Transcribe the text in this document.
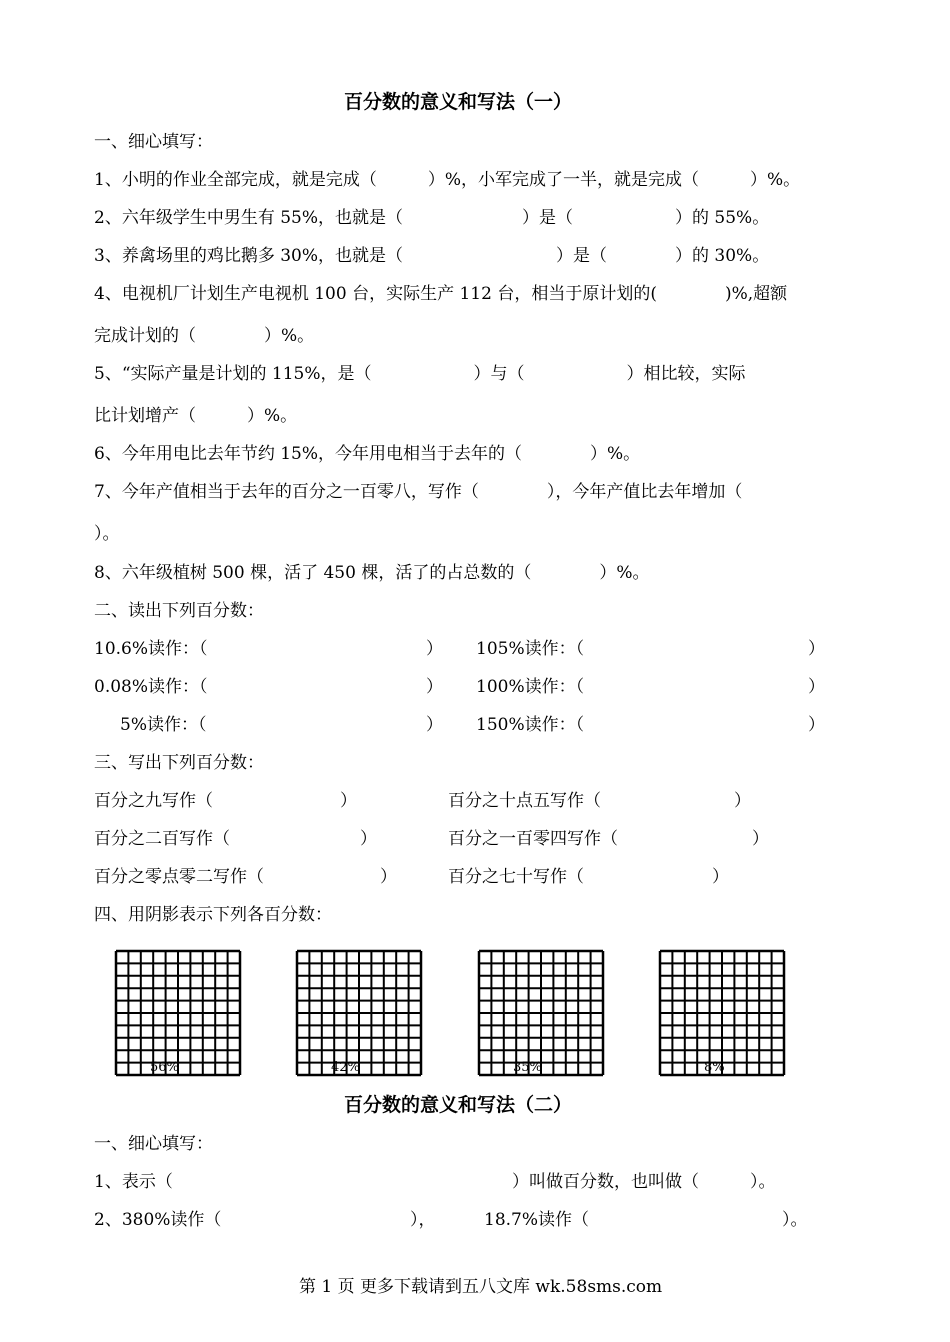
百分数的意义和写法（一）
一、细心填写：
1、小明的作业全部完成，就是完成（　　　）%，小军完成了一半，就是完成（　　　）%。
2、六年级学生中男生有 55%，也就是（　　　　　　　）是（　　　　　　）的 55%。
3、养禽场里的鸡比鹅多 30%，也就是（　　　　　　　　　）是（　　　　）的 30%。
4、电视机厂计划生产电视机 100 台，实际生产 112 台，相当于原计划的(　　　　)%,超额
完成计划的（　　　　）%。
5、“实际产量是计划的 115%，是（　　　　　　）与（　　　　　　）相比较，实际
比计划增产（　　　）%。
6、今年用电比去年节约 15%，今年用电相当于去年的（　　　　）%。
7、今年产值相当于去年的百分之一百零八，写作（　　　　），今年产值比去年增加（
）。
8、六年级植树 500 棵，活了 450 棵，活了的占总数的（　　　　）%。
二、读出下列百分数：
10.6%读作：（	） 105%读作：（	）
0.08%读作：（	） 100%读作：（	）
5%读作：（	） 150%读作：（	）
三、写出下列百分数：
百分之九写作（	）	百分之十点五写作（	）
百分之二百写作（	）	百分之一百零四写作（	）
百分之零点零二写作（	）	百分之七十写作（	）
四、用阴影表示下列各百分数：
56%	42%	35%	8%
百分数的意义和写法（二）
一、细心填写：
1、表示（	）叫做百分数，也叫做（　　　）。
2、380%读作（	），	18.7%读作（	）。
第 1 页 更多下载请到五八文库 wk.58sms.com
